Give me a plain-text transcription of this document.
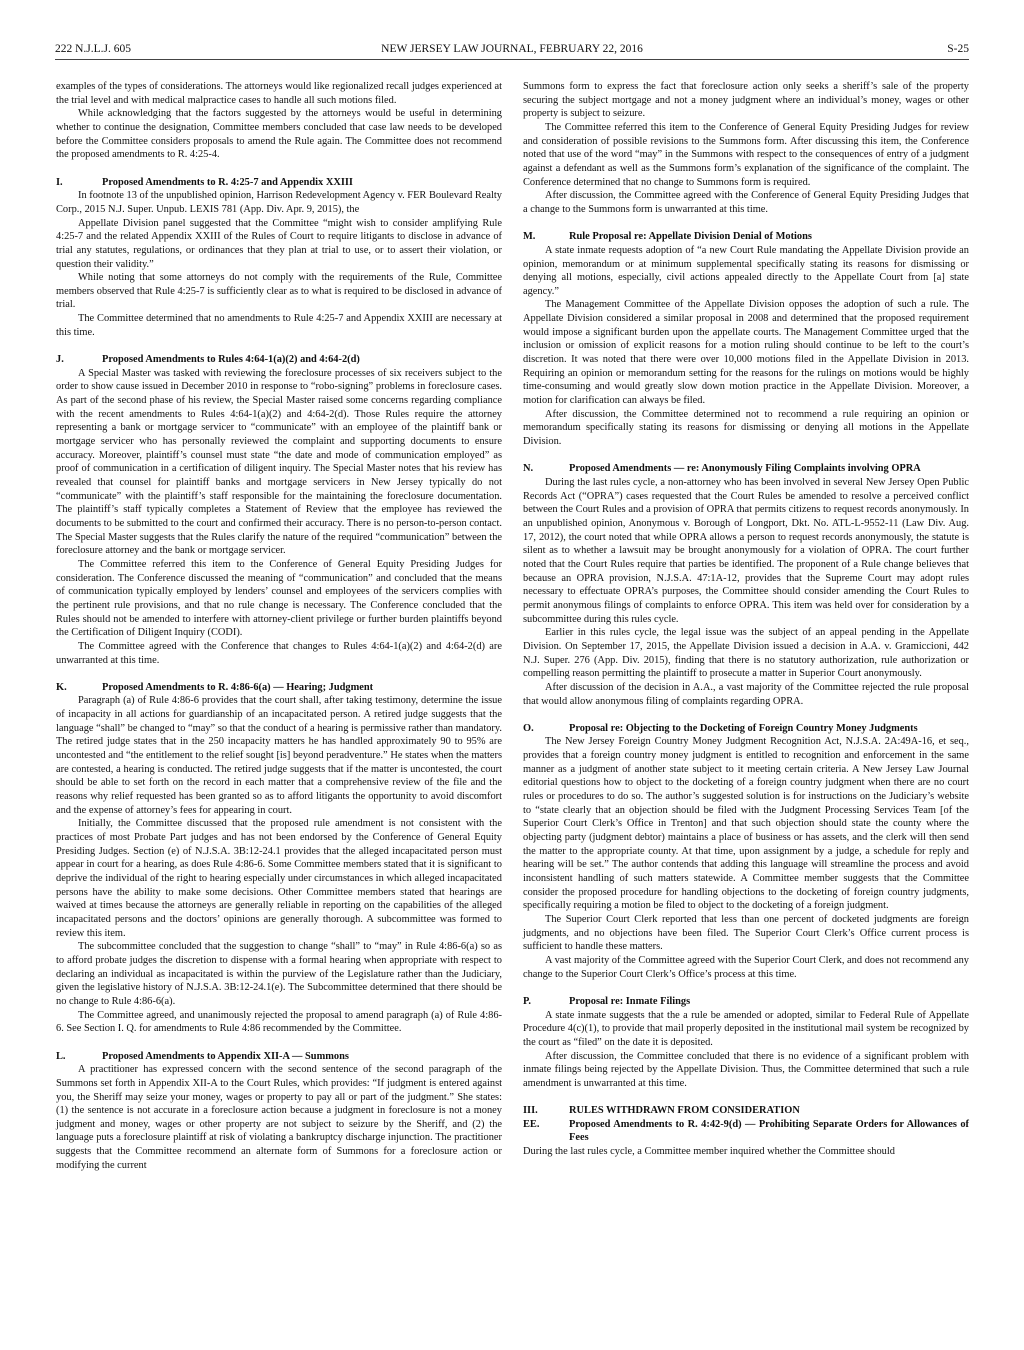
222 N.J.L.J. 605	NEW JERSEY LAW JOURNAL, FEBRUARY 22, 2016	S-25

examples of the types of considerations. The attorneys would like regionalized recall judges experienced at the trial level and with medical malpractice cases to handle all such motions filed.

While acknowledging that the factors suggested by the attorneys would be useful in determining whether to continue the designation, Committee members concluded that case law needs to be developed before the Committee considers proposals to amend the Rule again. The Committee does not recommend the proposed amendments to R. 4:25-4.

I.	Proposed Amendments to R. 4:25-7 and Appendix XXIII

In footnote 13 of the unpublished opinion, Harrison Redevelopment Agency v. FER Boulevard Realty Corp., 2015 N.J. Super. Unpub. LEXIS 781 (App. Div. Apr. 9, 2015), the

Appellate Division panel suggested that the Committee “might wish to consider amplifying Rule 4:25-7 and the related Appendix XXIII of the Rules of Court to require litigants to disclose in advance of trial any statutes, regulations, or ordinances that they plan at trial to use, or to assert their violation, or question their validity.”

While noting that some attorneys do not comply with the requirements of the Rule, Committee members observed that Rule 4:25-7 is sufficiently clear as to what is required to be disclosed in advance of trial.

The Committee determined that no amendments to Rule 4:25-7 and Appendix XXIII are necessary at this time.

J.	Proposed Amendments to Rules 4:64-1(a)(2) and 4:64-2(d)

A Special Master was tasked with reviewing the foreclosure processes of six receivers subject to the order to show cause issued in December 2010 in response to “robo-signing” problems in foreclosure cases. As part of the second phase of his review, the Special Master raised some concerns regarding compliance with the recent amendments to Rules 4:64-1(a)(2) and 4:64-2(d). Those Rules require the attorney representing a bank or mortgage servicer to “communicate” with an employee of the plaintiff bank or mortgage servicer who has personally reviewed the complaint and supporting documents to ensure accuracy. Moreover, plaintiff’s counsel must state “the date and mode of communication employed” as proof of communication in a certification of diligent inquiry. The Special Master notes that his review has revealed that counsel for plaintiff banks and mortgage servicers in New Jersey typically do not “communicate” with the plaintiff’s staff responsible for the maintaining the foreclosure documentation. The plaintiff’s staff typically completes a Statement of Review that the employee has reviewed the documents to be submitted to the court and confirmed their accuracy. There is no person-to-person contact. The Special Master suggests that the Rules clarify the nature of the required “communication” between the foreclosure attorney and the bank or mortgage servicer.

The Committee referred this item to the Conference of General Equity Presiding Judges for consideration. The Conference discussed the meaning of “communication” and concluded that the means of communication typically employed by lenders’ counsel and employees of the servicers complies with the pertinent rule provisions, and that no rule change is necessary. The Conference concluded that the Rules should not be amended to interfere with attorney-client privilege or further burden plaintiffs beyond the Certification of Diligent Inquiry (CODI).

The Committee agreed with the Conference that changes to Rules 4:64-1(a)(2) and 4:64-2(d) are unwarranted at this time.

K.	Proposed Amendments to R. 4:86-6(a) — Hearing; Judgment

Paragraph (a) of Rule 4:86-6 provides that the court shall, after taking testimony, determine the issue of incapacity in all actions for guardianship of an incapacitated person. A retired judge suggests that the language “shall” be changed to “may” so that the conduct of a hearing is permissive rather than mandatory. The retired judge states that in the 250 incapacity matters he has handled approximately 90 to 95% are uncontested and “the entitlement to the relief sought [is] beyond peradventure.” He states when the matters are contested, a hearing is conducted. The retired judge suggests that if the matter is uncontested, the court should be able to set forth on the record in each matter that a comprehensive review of the file and the reasons why relief requested has been granted so as to afford litigants the opportunity to avoid discomfort and the expense of attorney’s fees for appearing in court.

Initially, the Committee discussed that the proposed rule amendment is not consistent with the practices of most Probate Part judges and has not been endorsed by the Conference of General Equity Presiding Judges. Section (e) of N.J.S.A. 3B:12-24.1 provides that the alleged incapacitated person must appear in court for a hearing, as does Rule 4:86-6. Some Committee members stated that it is significant to deprive the individual of the right to hearing especially under circumstances in which alleged incapacitated persons have the ability to make some decisions. Other Committee members stated that hearings are waived at times because the attorneys are generally reliable in reporting on the capabilities of the alleged incapacitated persons and the doctors’ opinions are generally thorough. A subcommittee was formed to review this item.

The subcommittee concluded that the suggestion to change “shall” to “may” in Rule 4:86-6(a) so as to afford probate judges the discretion to dispense with a formal hearing when appropriate with respect to declaring an individual as incapacitated is within the purview of the Legislature rather than the Judiciary, given the legislative history of N.J.S.A. 3B:12-24.1(e). The Subcommittee determined that there should be no change to Rule 4:86-6(a).

The Committee agreed, and unanimously rejected the proposal to amend paragraph (a) of Rule 4:86-6. See Section I. Q. for amendments to Rule 4:86 recommended by the Committee.

L.	Proposed Amendments to Appendix XII-A — Summons

A practitioner has expressed concern with the second sentence of the second paragraph of the Summons set forth in Appendix XII-A to the Court Rules, which provides: “If judgment is entered against you, the Sheriff may seize your money, wages or property to pay all or part of the judgment.” She states: (1) the sentence is not accurate in a foreclosure action because a judgment in foreclosure is not a money judgment and money, wages or other property are not subject to seizure by the Sheriff, and (2) the language puts a foreclosure plaintiff at risk of violating a bankruptcy discharge injunction. The practitioner suggests that the Committee recommend an alternate form of Summons for a foreclosure action or modifying the current

Summons form to express the fact that foreclosure action only seeks a sheriff’s sale of the property securing the subject mortgage and not a money judgment where an individual’s money, wages or other property is subject to seizure.

The Committee referred this item to the Conference of General Equity Presiding Judges for review and consideration of possible revisions to the Summons form. After discussing this item, the Conference noted that use of the word “may” in the Summons with respect to the consequences of entry of a judgment against a defendant as well as the Summons form’s explanation of the significance of the complaint. The Conference determined that no change to Summons form is required.

After discussion, the Committee agreed with the Conference of General Equity Presiding Judges that a change to the Summons form is unwarranted at this time.

M.	Rule Proposal re: Appellate Division Denial of Motions

A state inmate requests adoption of “a new Court Rule mandating the Appellate Division provide an opinion, memorandum or at minimum supplemental specifically stating its reasons for dismissing or denying all motions, especially, civil actions appealed directly to the Appellate Court from [a] state agency.”

The Management Committee of the Appellate Division opposes the adoption of such a rule. The Appellate Division considered a similar proposal in 2008 and determined that the proposed requirement would impose a significant burden upon the appellate courts. The Management Committee urged that the inclusion or omission of explicit reasons for a motion ruling should continue to be left to the court’s discretion. It was noted that there were over 10,000 motions filed in the Appellate Division in 2013. Requiring an opinion or memorandum setting for the reasons for the rulings on motions would be highly time-consuming and would greatly slow down motion practice in the Appellate Division. Moreover, a motion for clarification can always be filed.

After discussion, the Committee determined not to recommend a rule requiring an opinion or memorandum specifically stating its reasons for dismissing or denying all motions in the Appellate Division.

N.	Proposed Amendments — re: Anonymously Filing Complaints involving OPRA

During the last rules cycle, a non-attorney who has been involved in several New Jersey Open Public Records Act (“OPRA”) cases requested that the Court Rules be amended to resolve a perceived conflict between the Court Rules and a provision of OPRA that permits citizens to request records anonymously. In an unpublished opinion, Anonymous v. Borough of Longport, Dkt. No. ATL-L-9552-11 (Law Div. Aug. 17, 2012), the court noted that while OPRA allows a person to request records anonymously, the statute is silent as to whether a lawsuit may be brought anonymously for a violation of OPRA. The court further noted that the Court Rules require that parties be identified. The proponent of a Rule change believes that because an OPRA provision, N.J.S.A. 47:1A-12, provides that the Supreme Court may adopt rules necessary to effectuate OPRA’s purposes, the Committee should consider amending the Court Rules to permit anonymous filings of complaints to enforce OPRA. This item was held over for consideration by a subcommittee during this rules cycle.

Earlier in this rules cycle, the legal issue was the subject of an appeal pending in the Appellate Division. On September 17, 2015, the Appellate Division issued a decision in A.A. v. Gramiccioni, 442 N.J. Super. 276 (App. Div. 2015), finding that there is no statutory authorization, rule authorization or compelling reason permitting the plaintiff to prosecute a matter in Superior Court anonymously.

After discussion of the decision in A.A., a vast majority of the Committee rejected the rule proposal that would allow anonymous filing of complaints regarding OPRA.

O.	Proposal re: Objecting to the Docketing of Foreign Country Money Judgments

The New Jersey Foreign Country Money Judgment Recognition Act, N.J.S.A. 2A:49A-16, et seq., provides that a foreign country money judgment is entitled to recognition and enforcement in the same manner as a judgment of another state subject to it meeting certain criteria. A New Jersey Law Journal editorial questions how to object to the docketing of a foreign country judgment when there are no court rules or procedures to do so. The author’s suggested solution is for instructions on the Judiciary’s website to “state clearly that an objection should be filed with the Judgment Processing Services Team [of the Superior Court Clerk’s Office in Trenton] and that such objection should state the county where the objecting party (judgment debtor) maintains a place of business or has assets, and the clerk will then send the matter to the appropriate county. At that time, upon assignment by a judge, a schedule for reply and hearing will be set.” The author contends that adding this language will streamline the process and avoid inconsistent handling of such matters statewide. A Committee member suggests that the Committee consider the proposed procedure for handling objections to the docketing of foreign country judgments, specifically requiring a motion be filed to object to the docketing of a foreign judgment.

The Superior Court Clerk reported that less than one percent of docketed judgments are foreign judgments, and no objections have been filed. The Superior Court Clerk’s Office current process is sufficient to handle these matters.

A vast majority of the Committee agreed with the Superior Court Clerk, and does not recommend any change to the Superior Court Clerk’s Office’s process at this time.

P.	Proposal re: Inmate Filings

A state inmate suggests that the a rule be amended or adopted, similar to Federal Rule of Appellate Procedure 4(c)(1), to provide that mail properly deposited in the institutional mail system be recognized by the court as “filed” on the date it is deposited.

After discussion, the Committee concluded that there is no evidence of a significant problem with inmate filings being rejected by the Appellate Division. Thus, the Committee determined that such a rule amendment is unwarranted at this time.

III.	RULES WITHDRAWN FROM CONSIDERATION

EE.	Proposed Amendments to R. 4:42-9(d) — Prohibiting Separate Orders for Allowances of Fees

During the last rules cycle, a Committee member inquired whether the Committee should
